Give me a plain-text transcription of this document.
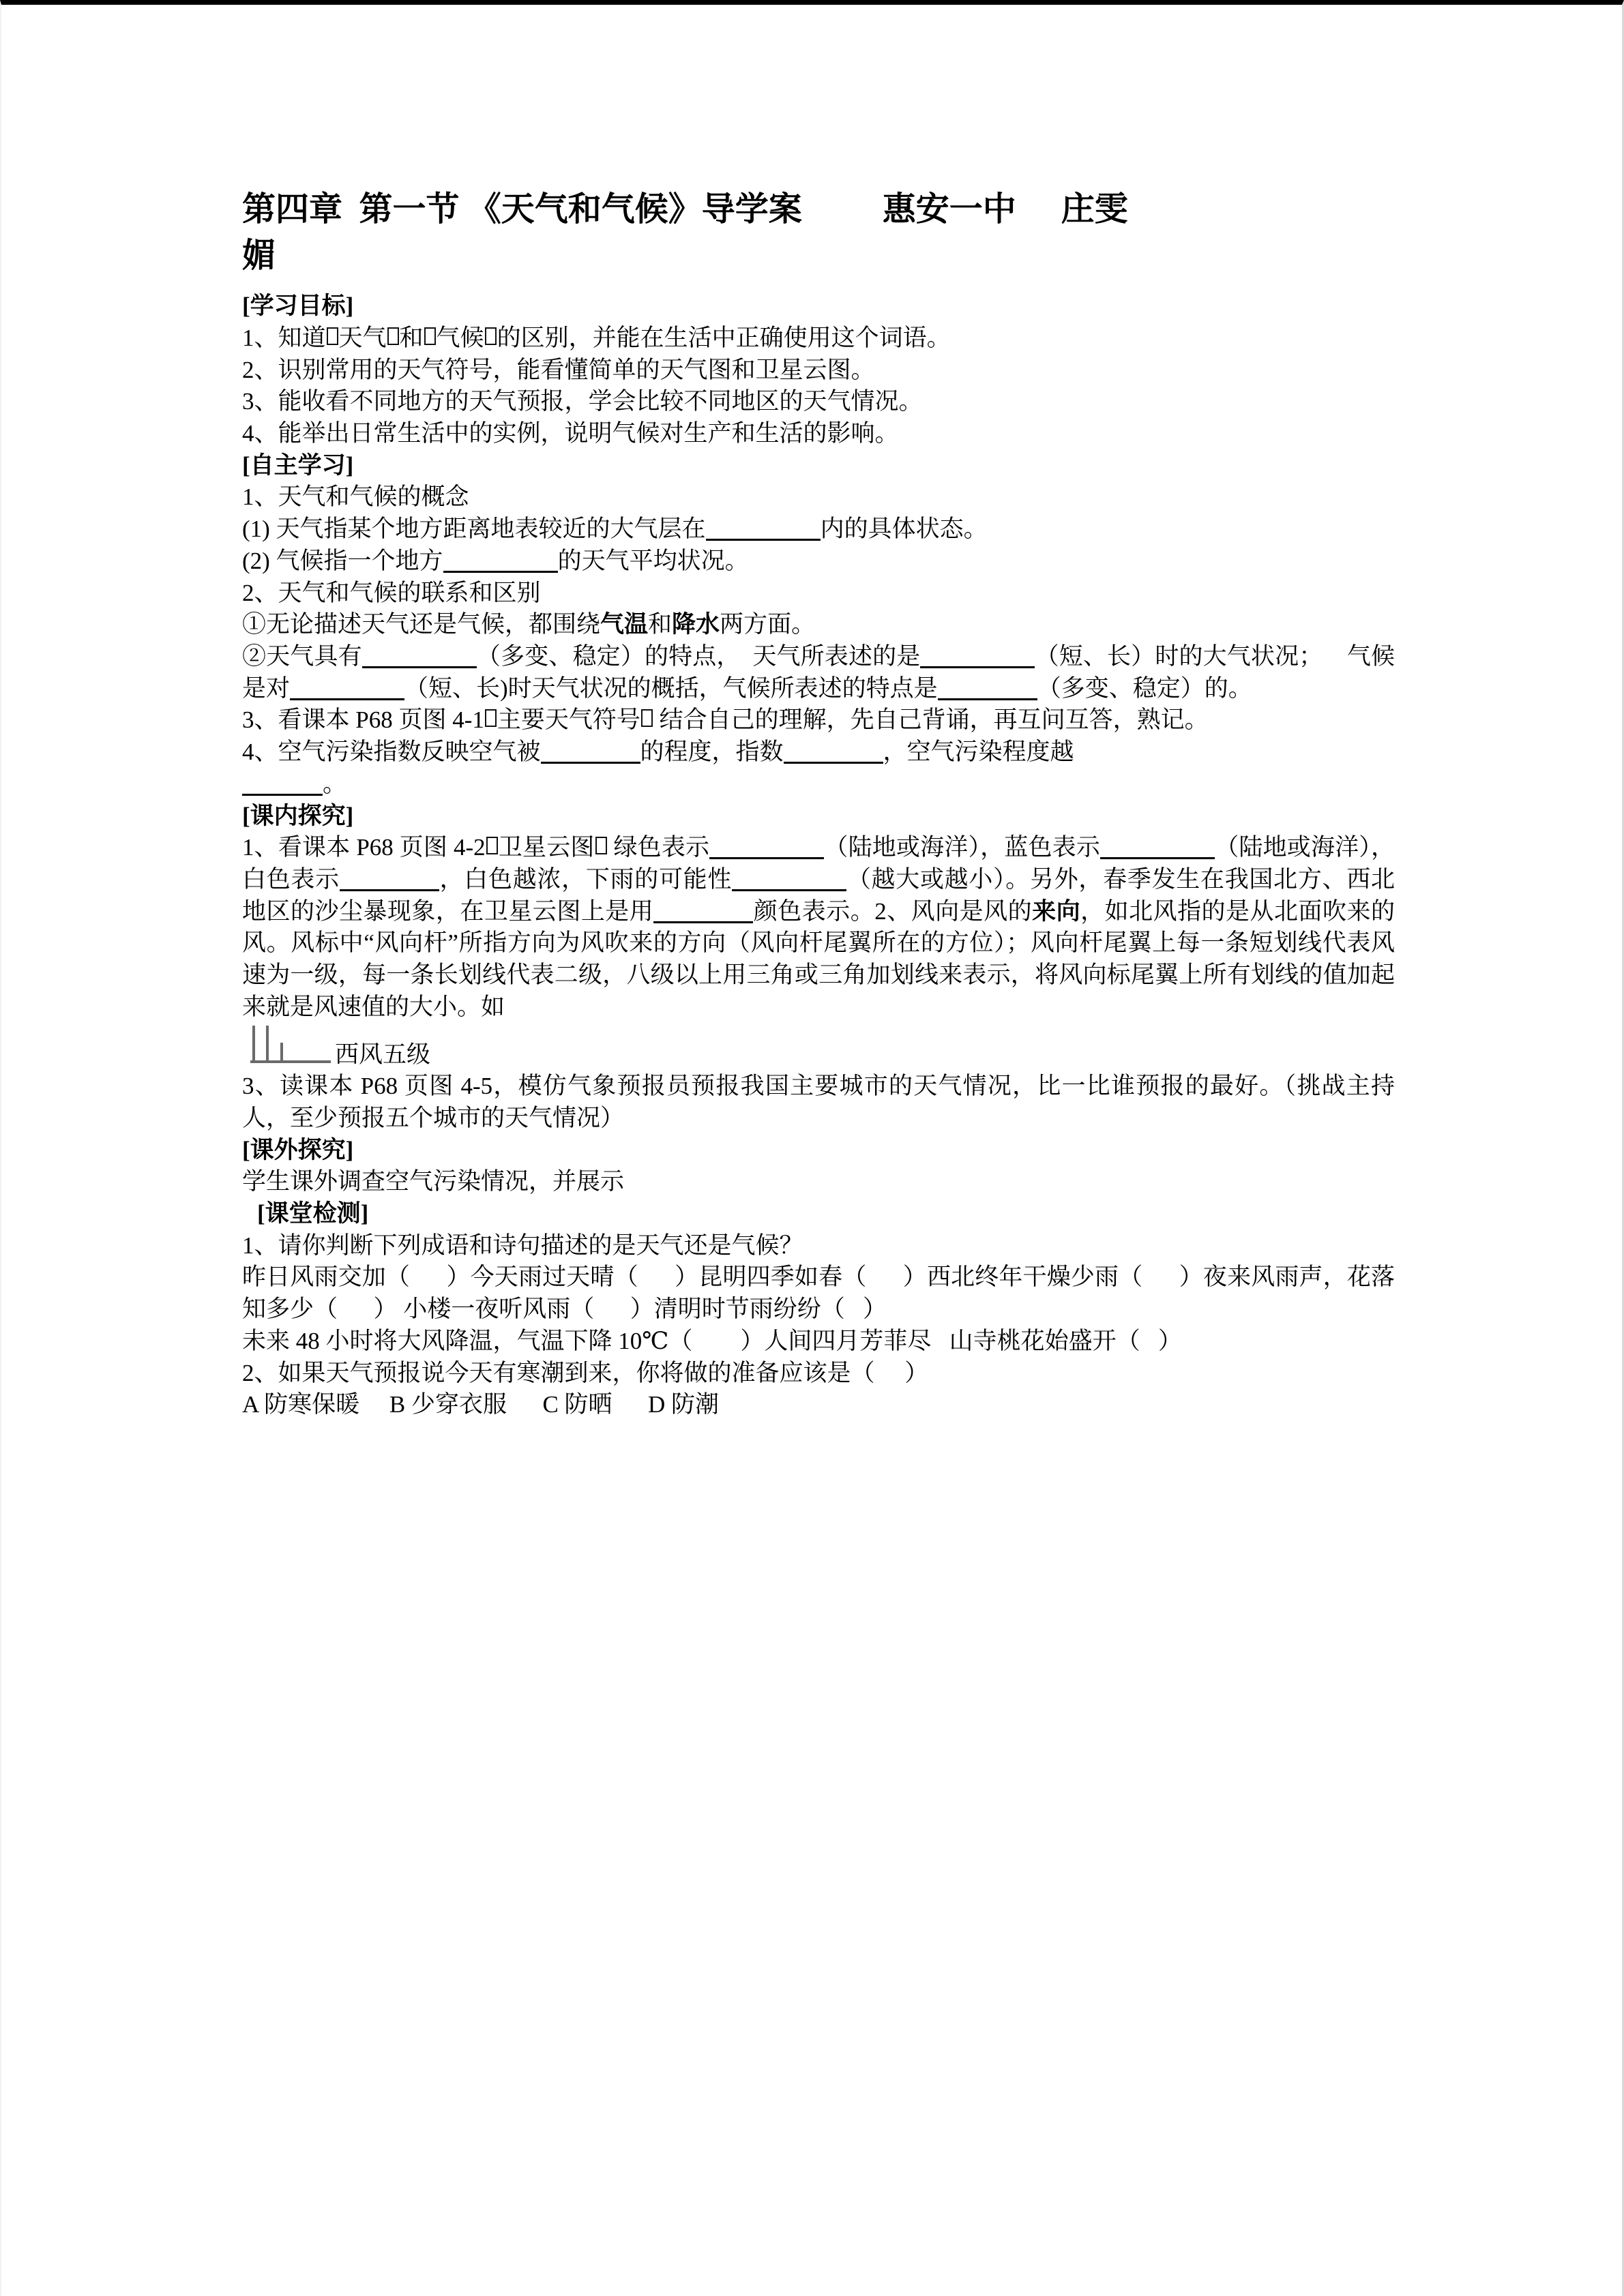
第四章  第一节 《天气和气候》导学案 惠安一中 庄雯
媚
[学习目标]
1、知道 天气 和 气候 的区别，并能在生活中正确使用这个词语。
2、识别常用的天气符号，能看懂简单的天气图和卫星云图。
3、能收看不同地方的天气预报，学会比较不同地区的天气情况。
4、能举出日常生活中的实例，说明气候对生产和生活的影响。
[自主学习]
1、天气和气候的概念
(1) 天气指某个地方距离地表较近的大气层在	内的具体状态。
(2) 气候指一个地方	的天气平均状况。
2、天气和气候的联系和区别
①无论描述天气还是气候，都围绕气温和降水两方面。
②天气具有	（多变、稳定）的特点，  天气所表述的是	（短、长）时的大气状况；    气候是对	（短、长)时天气状况的概括，气候所表述的特点是	（多变、稳定）的。
3、看课本 P68 页图 4-1 主要天气符号 结合自己的理解，先自己背诵，再互问互答，熟记。
4、空气污染指数反映空气被	的程度，指数	，空气污染程度越
。
[课内探究]
1、看课本 P68 页图 4-2 卫星云图 绿色表示	（陆地或海洋），蓝色表示	（陆地或海洋），白色表示	，白色越浓，下雨的可能性	（越大或越小）。另外，春季发生在我国北方、西北地区的沙尘暴现象，在卫星云图上是用	颜色表示。2、风向是风的来向，如北风指的是从北面吹来的风。风标中“风向杆”所指方向为风吹来的方向（风向杆尾翼所在的方位）；风向杆尾翼上每一条短划线代表风速为一级，每一条长划线代表二级，八级以上用三角或三角加划线来表示，将风向标尾翼上所有划线的值加起来就是风速值的大小。如

西风五级
3、读课本 P68 页图 4-5，模仿气象预报员预报我国主要城市的天气情况，比一比谁预报的最好。（挑战主持人，至少预报五个城市的天气情况）
[课外探究]
学生课外调查空气污染情况，并展示
[课堂检测]
1、请你判断下列成语和诗句描述的是天气还是气候？
昨日风雨交加（      ）今天雨过天晴（      ）昆明四季如春（      ）西北终年干燥少雨（      ）夜来风雨声，花落知多少（      ） 小楼一夜听风雨（      ）清明时节雨纷纷（   ）
未来 48 小时将大风降温，气温下降 10℃（        ）人间四月芳菲尽   山寺桃花始盛开（   ）
2、如果天气预报说今天有寒潮到来，你将做的准备应该是（     ）
A 防寒保暖     B 少穿衣服      C 防晒      D 防潮
